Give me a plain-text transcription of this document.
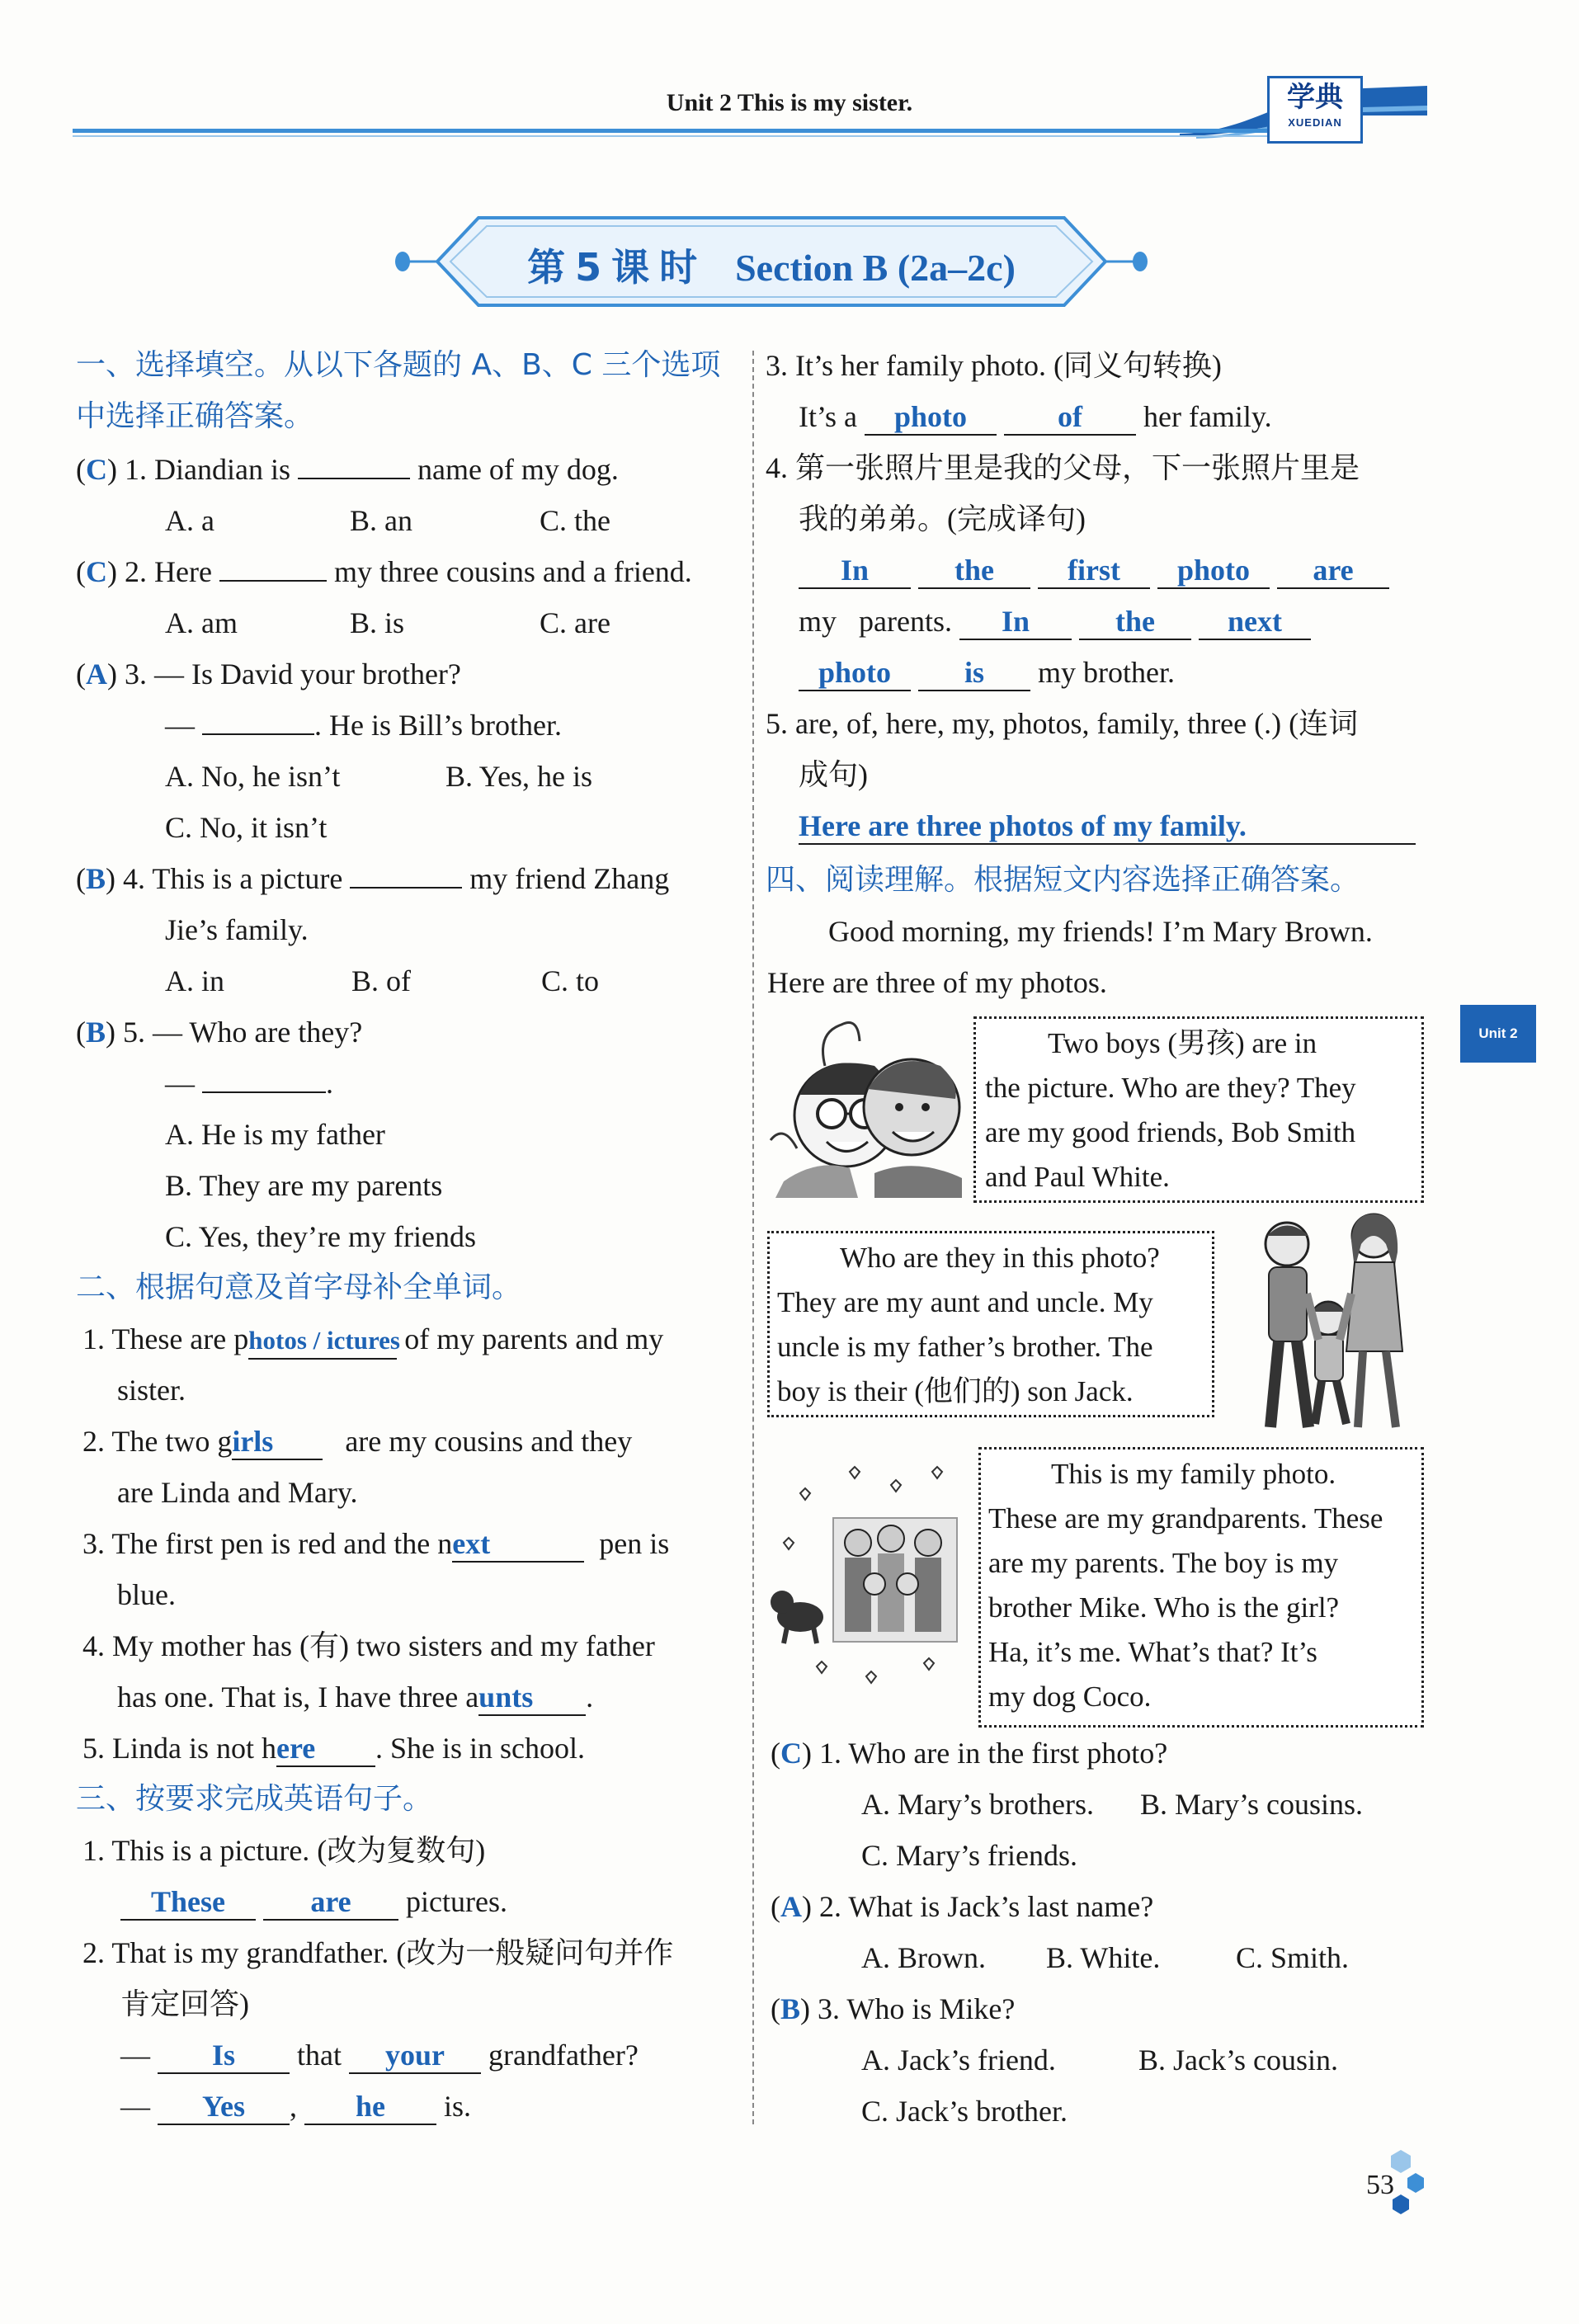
Unit 2 This is my sister.	学典
XUEDIAN
第5课时 Section B (2a–2c)
一、选择填空。从以下各题的 A、B、C 三个选项
中选择正确答案。
(C) 1. Diandian is	name of my dog.
A. a	B. an	C. the
(C) 2. Here	my three cousins and a friend.
A. am	B. is	C. are
(A) 3. — Is David your brother?
—	. He is Bill’s brother.
A. No, he isn’t	B. Yes, he is
C. No, it isn’t
(B) 4. This is a picture	my friend Zhang
Jie’s family.
A. in	B. of	C. to
(B) 5. — Who are they?
—	.
A. He is my father
B. They are my parents
C. Yes, they’re my friends
二、根据句意及首字母补全单词。
1. These are photos / ictures of my parents and my
sister.
2. The two girls are my cousins and they
are Linda and Mary.
3. The first pen is red and the next	pen is
blue.
4. My mother has (有) two sisters and my father
has one. That is, I have three aunts .
5. Linda is not here . She is in school.
三、按要求完成英语句子。
1. This is a picture. (改为复数句)
These	are pictures.
2. That is my grandfather. (改为一般疑问句并作
肯定回答)
— Is that your grandfather?
— Yes , he is.
3. It’s her family photo. (同义句转换)
It’s a photo	of her family.
4. 第一张照片里是我的父母，下一张照片里是
我的弟弟。(完成译句)
In	the first photo are
my parents. In	the next
photo is my brother.
5. are, of, here, my, photos, family, three (.) (连词
成句)
Here are three photos of my family.
四、阅读理解。根据短文内容选择正确答案。
Good morning, my friends! I’m Mary Brown.
Here are three of my photos.
Two boys (男孩) are in
the picture. Who are they? They
are my good friends, Bob Smith
and Paul White.
Who are they in this photo?
They are my aunt and uncle. My
uncle is my father’s brother. The
boy is their (他们的) son Jack.
This is my family photo.
These are my grandparents. These
are my parents. The boy is my
brother Mike. Who is the girl?
Ha, it’s me. What’s that? It’s
my dog Coco.
(C) 1. Who are in the first photo?
A. Mary’s brothers. B. Mary’s cousins.
C. Mary’s friends.
(A) 2. What is Jack’s last name?
A. Brown. B. White.	C. Smith.
(B) 3. Who is Mike?
A. Jack’s friend.	B. Jack’s cousin.
C. Jack’s brother.
Unit 2
53
